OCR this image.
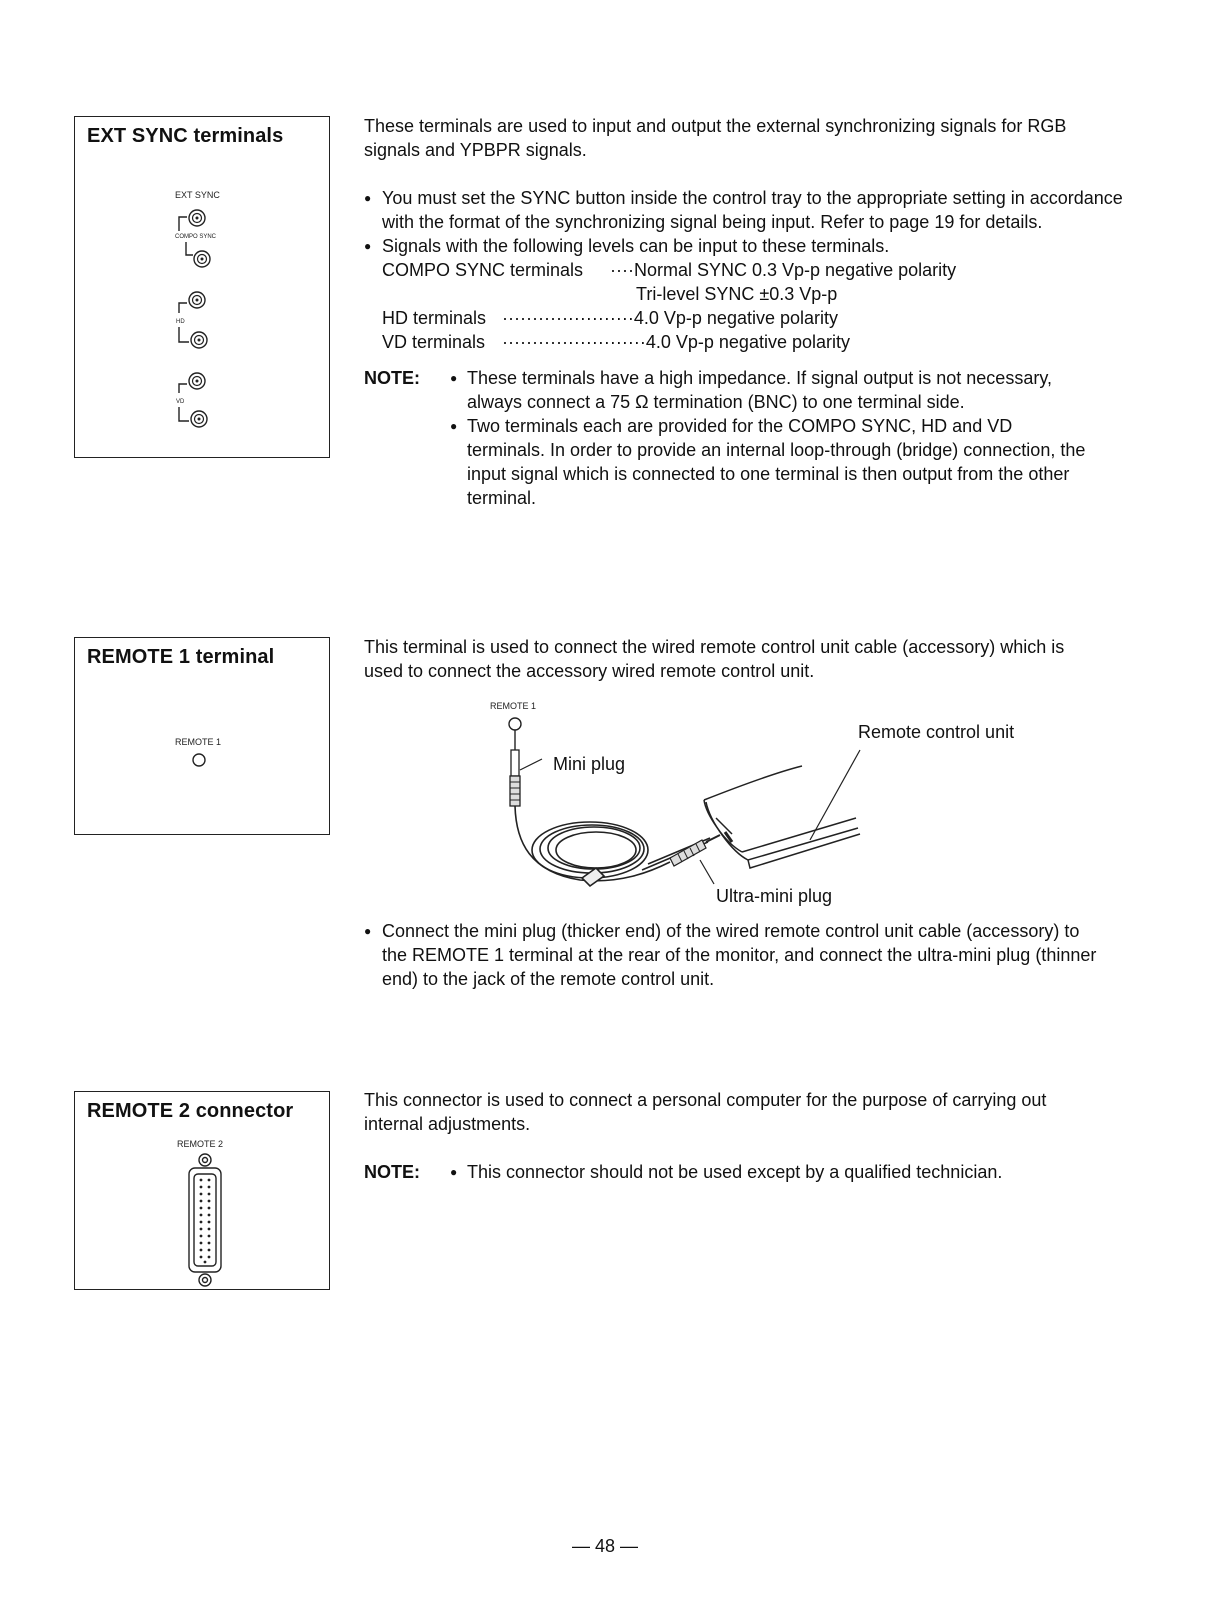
EXT SYNC terminals
EXT SYNC
COMPO SYNC
HD
VD

These terminals are used to input and output the external synchronizing signals for RGB signals and YPBPR signals.

● You must set the SYNC button inside the control tray to the appropriate setting in accordance with the format of the synchronizing signal being input. Refer to page 19 for details.

● Signals with the following levels can be input to these terminals.

COMPO SYNC terminals ····Normal SYNC 0.3 Vp-p negative polarity
Tri-level SYNC ±0.3 Vp-p
HD terminals ······················4.0 Vp-p negative polarity
VD terminals ························4.0 Vp-p negative polarity
NOTE:	● These terminals have a high impedance. If signal output is not necessary, always connect a 75 Ω termination (BNC) to one terminal side.

● Two terminals each are provided for the COMPO SYNC, HD and VD terminals. In order to provide an internal loop-through (bridge) connection, the input signal which is connected to one terminal is then output from the other terminal.

REMOTE 1 terminal
REMOTE 1

This terminal is used to connect the wired remote control unit cable (accessory) which is used to connect the accessory wired remote control unit.

REMOTE 1
Mini plug
Ultra-mini plug
Remote control unit

● Connect the mini plug (thicker end) of the wired remote control unit cable (accessory) to the REMOTE 1 terminal at the rear of the monitor, and connect the ultra-mini plug (thinner end) to the jack of the remote control unit.

REMOTE 2 connector
REMOTE 2

This connector is used to connect a personal computer for the purpose of carrying out internal adjustments.

NOTE:	● This connector should not be used except by a qualified technician.

— 48 —
